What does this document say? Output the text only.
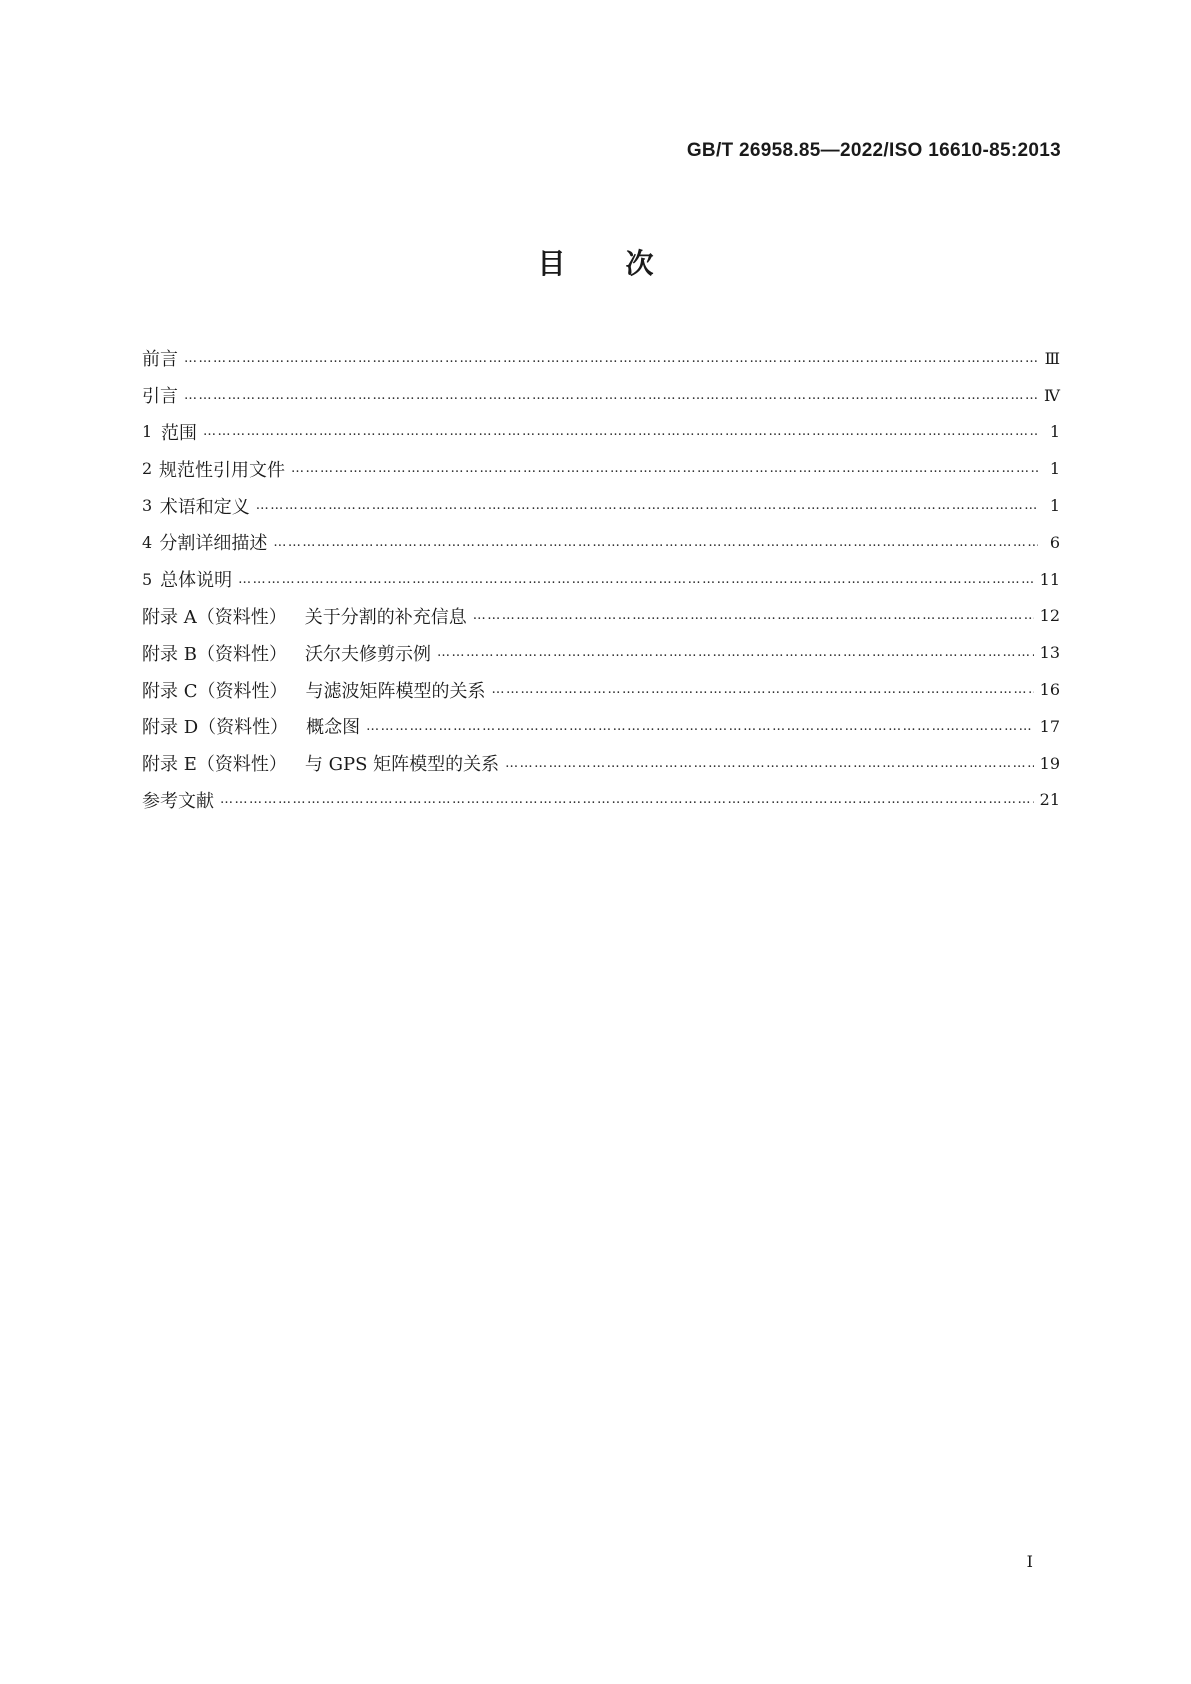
GB/T 26958.85—2022/ISO 16610-85:2013
目次
前言 …………………………………………………………………………………………………………………………………………………………………………………………………………………………………………………………	Ⅲ
引言 …………………………………………………………………………………………………………………………………………………………………………………………………………………………………………………………	Ⅳ
1 范围 …………………………………………………………………………………………………………………………………………………………………………………………………………………………………………………………	1
2 规范性引用文件 …………………………………………………………………………………………………………………………………………………………………………………………………………………………………………………………	1
3 术语和定义 …………………………………………………………………………………………………………………………………………………………………………………………………………………………………………………………	1
4 分割详细描述 …………………………………………………………………………………………………………………………………………………………………………………………………………………………………………………………	6
5 总体说明 …………………………………………………………………………………………………………………………………………………………………………………………………………………………………………………………	11
附录 A（资料性） 关于分割的补充信息 …………………………………………………………………………………………………………………………………………………………………………………………………………………………………………………………	12
附录 B（资料性） 沃尔夫修剪示例 …………………………………………………………………………………………………………………………………………………………………………………………………………………………………………………………	13
附录 C（资料性） 与滤波矩阵模型的关系 …………………………………………………………………………………………………………………………………………………………………………………………………………………………………………………………	16
附录 D（资料性） 概念图 …………………………………………………………………………………………………………………………………………………………………………………………………………………………………………………………	17
附录 E（资料性） 与 GPS 矩阵模型的关系 …………………………………………………………………………………………………………………………………………………………………………………………………………………………………………………………	19
参考文献 …………………………………………………………………………………………………………………………………………………………………………………………………………………………………………………………	21
I
